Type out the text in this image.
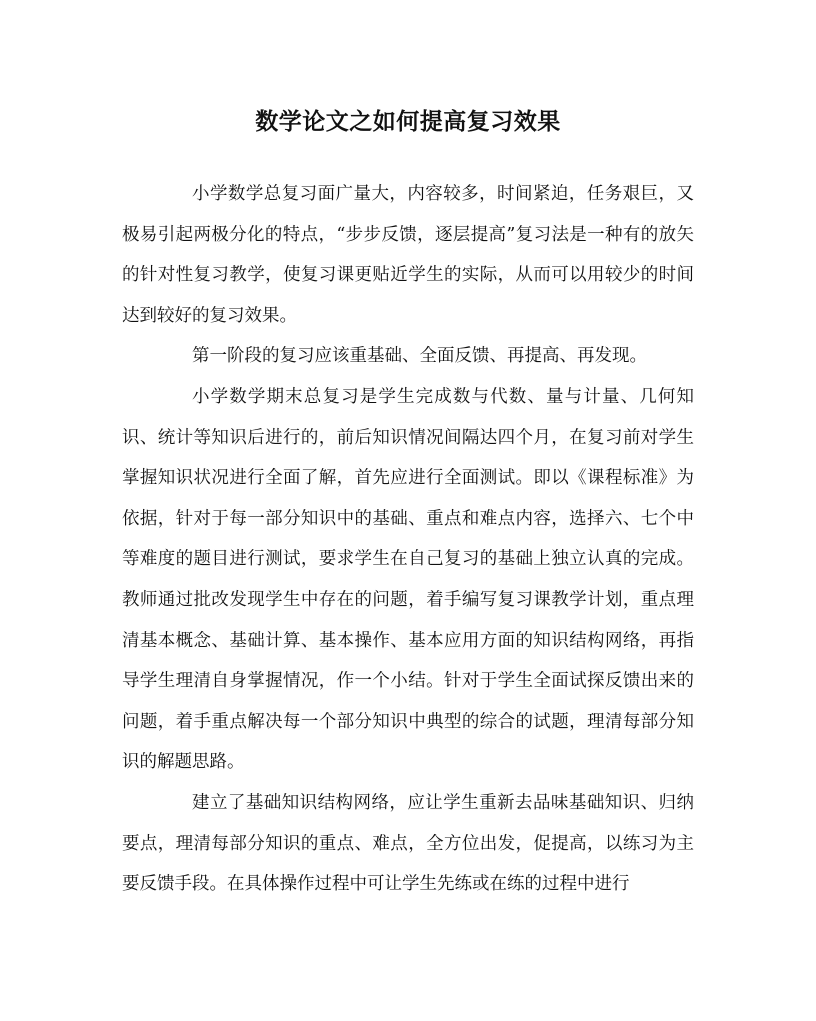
数学论文之如何提高复习效果

小学数学总复习面广量大，内容较多，时间紧迫，任务艰巨，又极易引起两极分化的特点，“步步反馈，逐层提高”复习法是一种有的放矢的针对性复习教学，使复习课更贴近学生的实际，从而可以用较少的时间达到较好的复习效果。

第一阶段的复习应该重基础、全面反馈、再提高、再发现。

小学数学期末总复习是学生完成数与代数、量与计量、几何知识、统计等知识后进行的，前后知识情况间隔达四个月，在复习前对学生掌握知识状况进行全面了解，首先应进行全面测试。即以《课程标准》为依据，针对于每一部分知识中的基础、重点和难点内容，选择六、七个中等难度的题目进行测试，要求学生在自己复习的基础上独立认真的完成。教师通过批改发现学生中存在的问题，着手编写复习课教学计划，重点理清基本概念、基础计算、基本操作、基本应用方面的知识结构网络，再指导学生理清自身掌握情况，作一个小结。针对于学生全面试探反馈出来的问题，着手重点解决每一个部分知识中典型的综合的试题，理清每部分知识的解题思路。

建立了基础知识结构网络，应让学生重新去品味基础知识、归纳要点，理清每部分知识的重点、难点，全方位出发，促提高，以练习为主要反馈手段。在具体操作过程中可让学生先练或在练的过程中进行
